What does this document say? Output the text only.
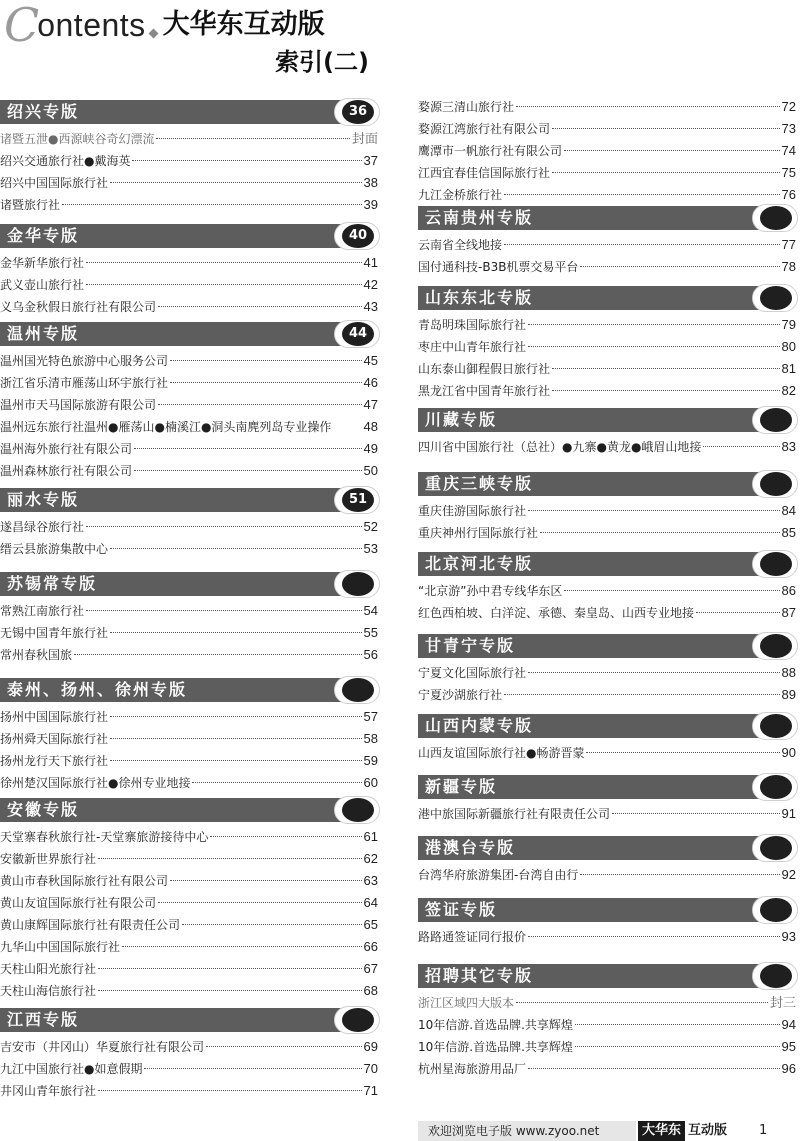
Contents 大华东互动版
索引(二)
绍兴专版	36
诸暨五泄●西源峡谷奇幻漂流	封面
绍兴交通旅行社●戴海英	37
绍兴中国国际旅行社	38
诸暨旅行社	39
金华专版	40
金华新华旅行社	41
武义壶山旅行社	42
义乌金秋假日旅行社有限公司	43
温州专版	44
温州国光特色旅游中心服务公司	45
浙江省乐清市雁荡山环宇旅行社	46
温州市天马国际旅游有限公司	47
温州远东旅行社温州●雁荡山●楠溪江●洞头南麂列岛专业操作 48
温州海外旅行社有限公司	49
温州森林旅行社有限公司	50
丽水专版	51
遂昌绿谷旅行社	52
缙云县旅游集散中心	53
苏锡常专版
常熟江南旅行社	54
无锡中国青年旅行社	55
常州春秋国旅	56
泰州、扬州、徐州专版
扬州中国国际旅行社	57
扬州舜天国际旅行社	58
扬州龙行天下旅行社	59
徐州楚汉国际旅行社●徐州专业地接	60
安徽专版
天堂寨春秋旅行社-天堂寨旅游接待中心	61
安徽新世界旅行社	62
黄山市春秋国际旅行社有限公司	63
黄山友谊国际旅行社有限公司	64
黄山康辉国际旅行社有限责任公司	65
九华山中国国际旅行社	66
天柱山阳光旅行社	67
天柱山海信旅行社	68
江西专版
吉安市（井冈山）华夏旅行社有限公司	69
九江中国旅行社●如意假期	70
井冈山青年旅行社	71
婺源三清山旅行社	72
婺源江湾旅行社有限公司	73
鹰潭市一帆旅行社有限公司	74
江西宜春佳信国际旅行社	75
九江金桥旅行社	76
云南贵州专版
云南省全线地接	77
国付通科技-B3B机票交易平台	78
山东东北专版
青岛明珠国际旅行社	79
枣庄中山青年旅行社	80
山东泰山御程假日旅行社	81
黑龙江省中国青年旅行社	82
川藏专版
四川省中国旅行社（总社）●九寨●黄龙●峨眉山地接	83
重庆三峡专版
重庆佳游国际旅行社	84
重庆神州行国际旅行社	85
北京河北专版
“北京游”孙中君专线华东区	86
红色西柏坡、白洋淀、承德、秦皇岛、山西专业地接	87
甘青宁专版
宁夏文化国际旅行社	88
宁夏沙湖旅行社	89
山西内蒙专版
山西友谊国际旅行社●畅游晋蒙	90
新疆专版
港中旅国际新疆旅行社有限责任公司	91
港澳台专版
台湾华府旅游集团-台湾自由行	92
签证专版
路路通签证同行报价	93
招聘其它专版
浙江区域四大版本	封三
10年信游.首选品牌.共享辉煌	94
10年信游.首选品牌.共享辉煌	95
杭州星海旅游用品厂	96
欢迎浏览电子版 www.zyoo.net	大华东 互动版 1
